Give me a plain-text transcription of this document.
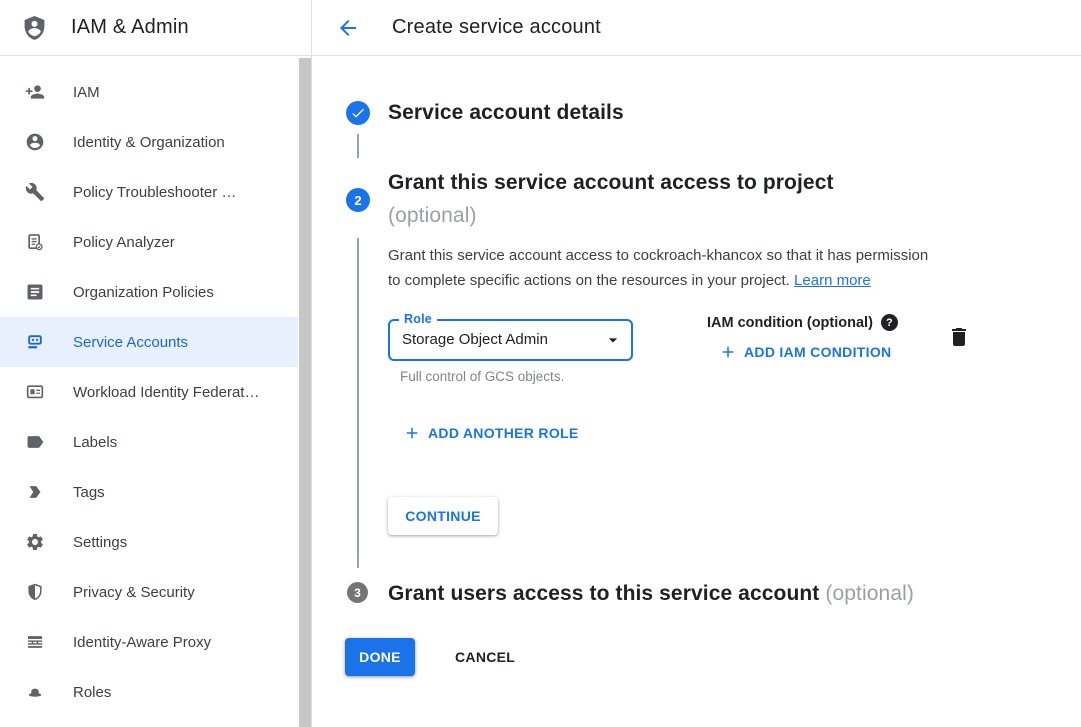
IAM
Identity & Organization
Policy Troubleshooter …
Policy Analyzer
Organization Policies
Service Accounts
Workload Identity Federat…
Labels
Tags
Settings
Privacy & Security
Identity-Aware Proxy
Roles
IAM & Admin	Create service account
Service account details
2
Grant this service account access to project
(optional)
Grant this service account access to cockroach-khancox so that it has permission
to complete specific actions on the resources in your project. Learn more
Role
Storage Object Admin
Full control of GCS objects.
IAM condition (optional)	?
ADD IAM CONDITION
ADD ANOTHER ROLE
CONTINUE
3	Grant users access to this service account (optional)
DONE	CANCEL
